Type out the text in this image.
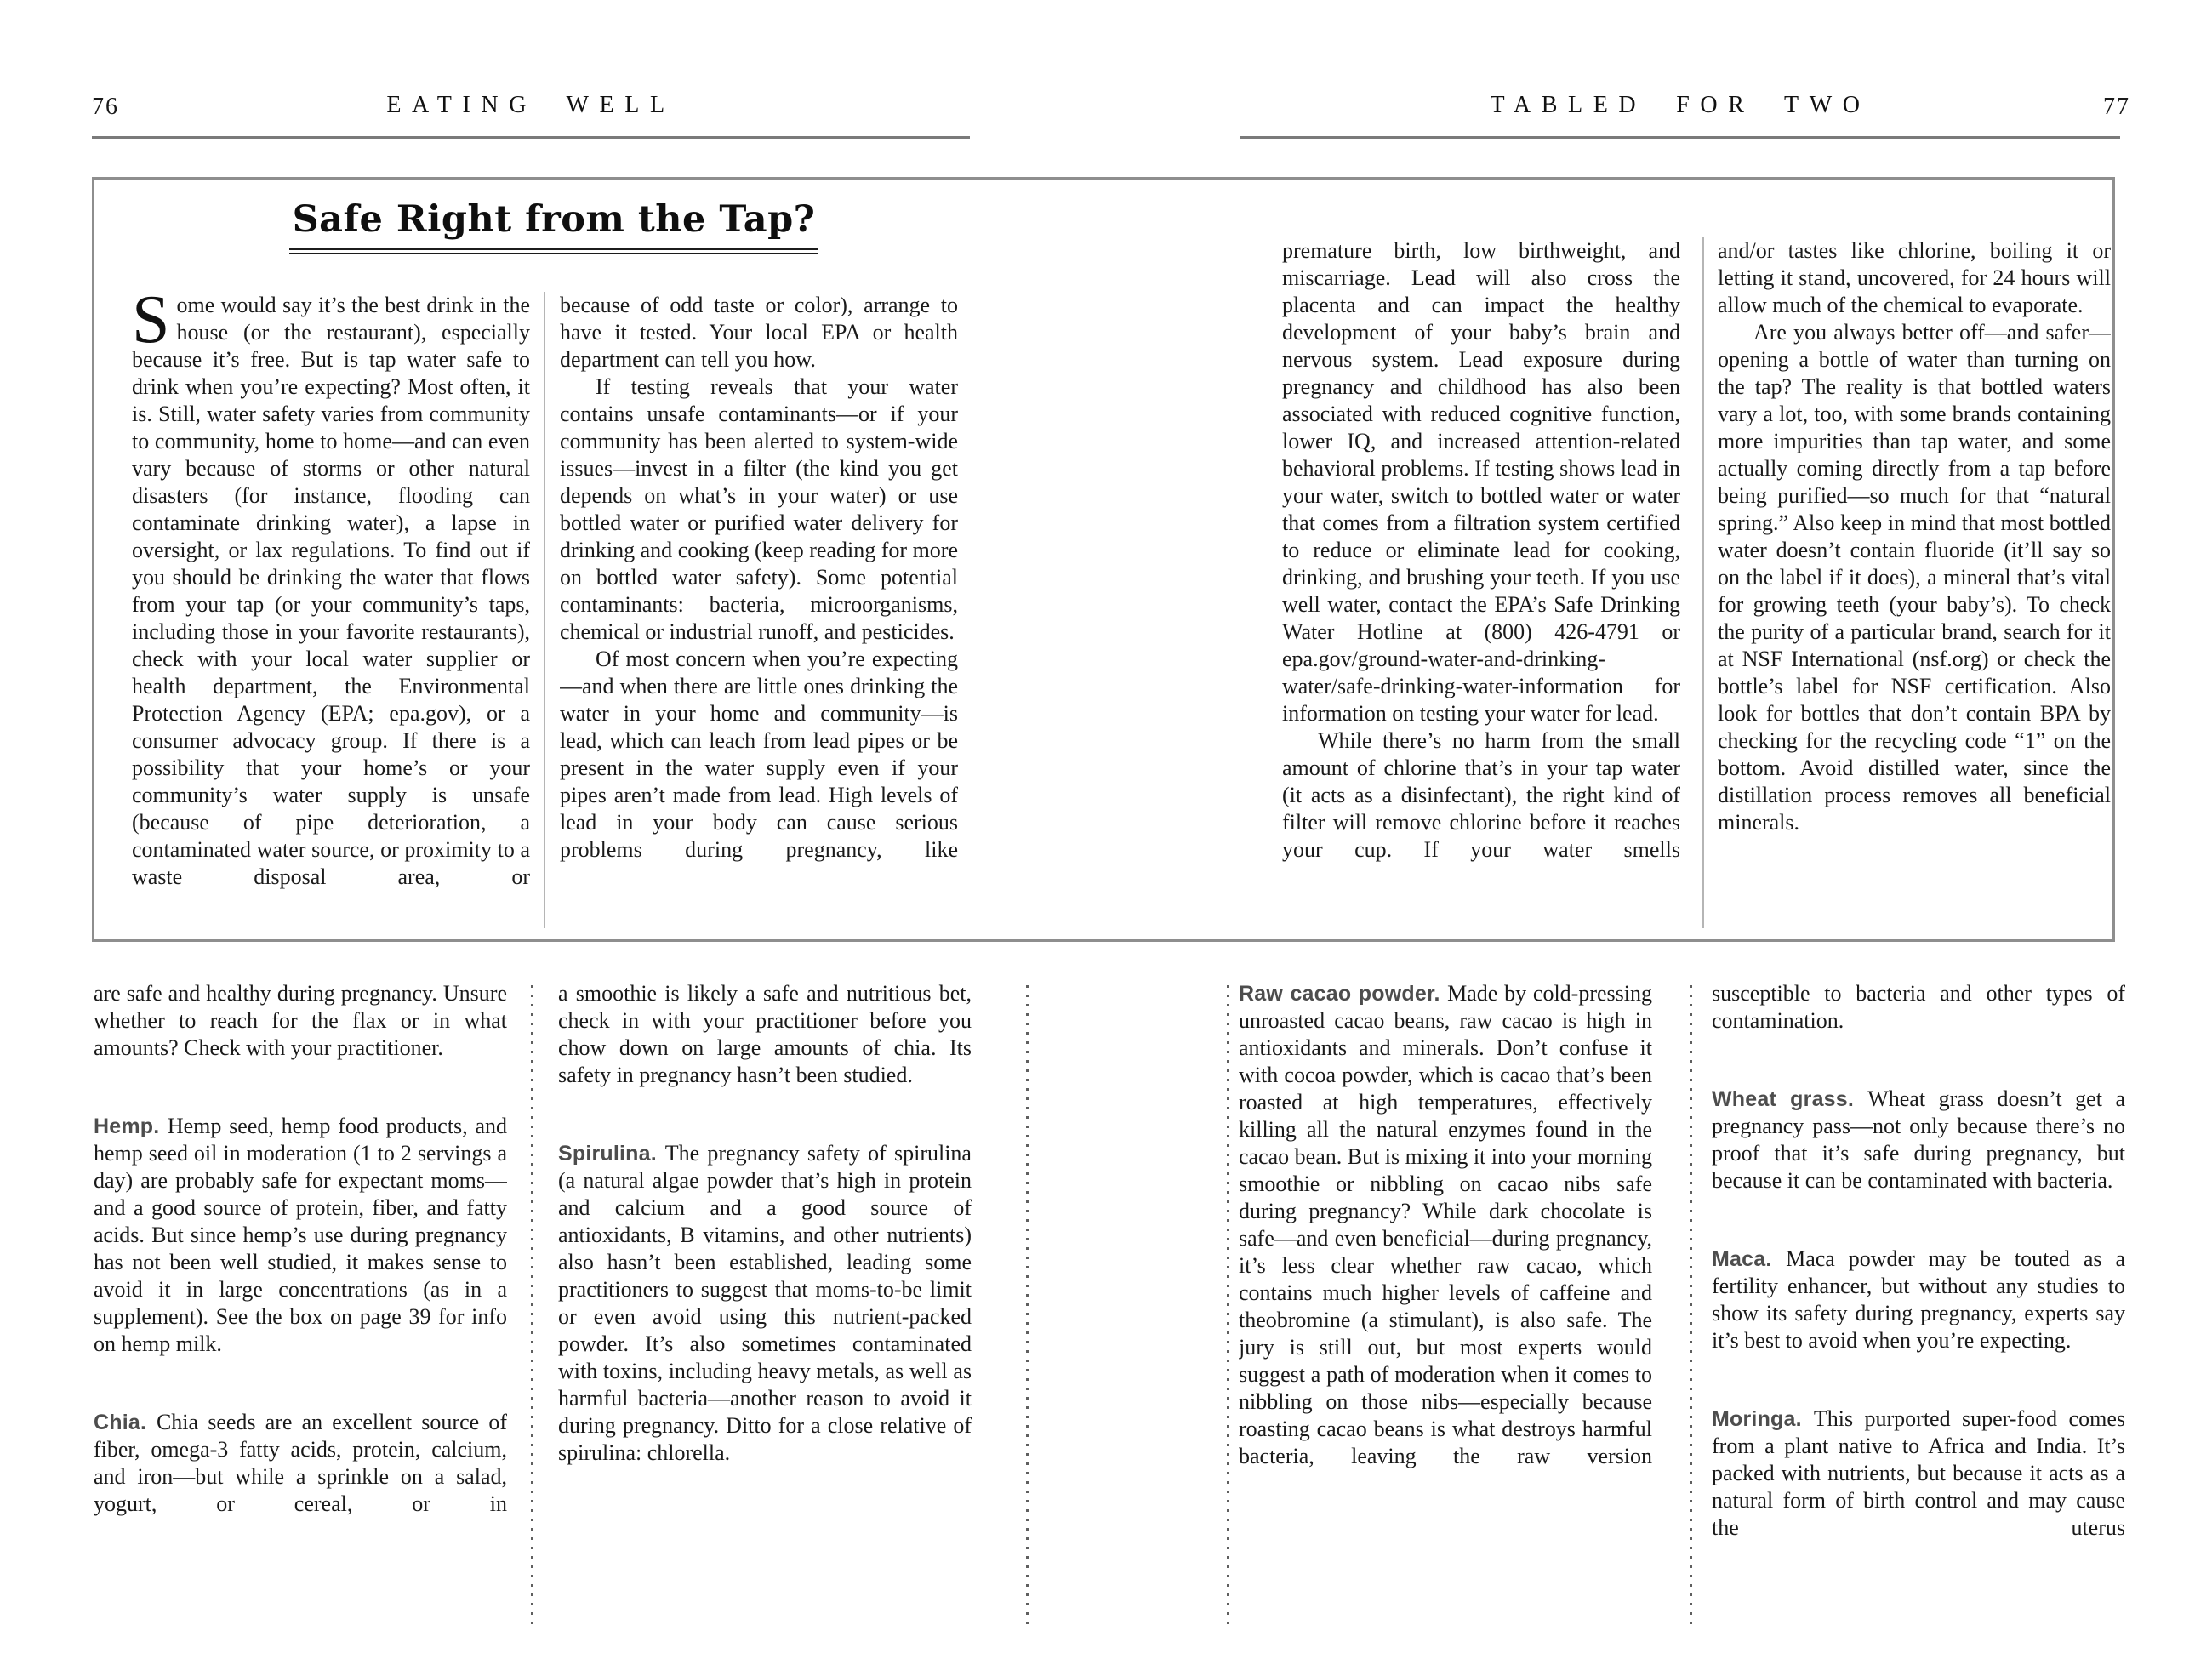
76	EATING WELL	TABLED FOR TWO	77
Safe Right from the Tap?

Some would say it’s the best drink in the house (or the restaurant), especially because it’s free. But is tap water safe to drink when you’re expecting? Most often, it is. Still, water safety varies from community to community, home to home—and can even vary because of storms or other natural disasters (for instance, flooding can contaminate drinking water), a lapse in oversight, or lax regulations. To find out if you should be drinking the water that flows from your tap (or your community’s taps, including those in your favorite restaurants), check with your local water supplier or health department, the Environmental Protection Agency (EPA; epa.gov), or a consumer advocacy group. If there is a possibility that your home’s or your community’s water supply is unsafe (because of pipe deterioration, a contaminated water source, or proximity to a waste disposal area, or

because of odd taste or color), arrange to have it tested. Your local EPA or health department can tell you how.

If testing reveals that your water contains unsafe contaminants—or if your community has been alerted to system-wide issues—invest in a filter (the kind you get depends on what’s in your water) or use bottled water or purified water delivery for drinking and cooking (keep reading for more on bottled water safety). Some potential contaminants: bacteria, microorganisms, chemical or industrial runoff, and pesticides.

Of most concern when you’re expecting—and when there are little ones drinking the water in your home and community—is lead, which can leach from lead pipes or be present in the water supply even if your pipes aren’t made from lead. High levels of lead in your body can cause serious problems during pregnancy, like

premature birth, low birthweight, and miscarriage. Lead will also cross the placenta and can impact the healthy development of your baby’s brain and nervous system. Lead exposure during pregnancy and childhood has also been associated with reduced cognitive function, lower IQ, and increased attention-related behavioral problems. If testing shows lead in your water, switch to bottled water or water that comes from a filtration system certified to reduce or eliminate lead for cooking, drinking, and brushing your teeth. If you use well water, contact the EPA’s Safe Drinking Water Hotline at (800) 426-4791 or epa.gov/ground-water-and-drinking-water/safe-drinking-water-information for information on testing your water for lead.

While there’s no harm from the small amount of chlorine that’s in your tap water (it acts as a disinfectant), the right kind of filter will remove chlorine before it reaches your cup. If your water smells

and/or tastes like chlorine, boiling it or letting it stand, uncovered, for 24 hours will allow much of the chemical to evaporate.

Are you always better off—and safer—opening a bottle of water than turning on the tap? The reality is that bottled waters vary a lot, too, with some brands containing more impurities than tap water, and some actually coming directly from a tap before being purified—so much for that “natural spring.” Also keep in mind that most bottled water doesn’t contain fluoride (it’ll say so on the label if it does), a mineral that’s vital for growing teeth (your baby’s). To check the purity of a particular brand, search for it at NSF International (nsf.org) or check the bottle’s label for NSF certification. Also look for bottles that don’t contain BPA by checking for the recycling code “1” on the bottom. Avoid distilled water, since the distillation process removes all beneficial minerals.

are safe and healthy during pregnancy. Unsure whether to reach for the flax or in what amounts? Check with your practitioner.

Hemp. Hemp seed, hemp food products, and hemp seed oil in moderation (1 to 2 servings a day) are probably safe for expectant moms—and a good source of protein, fiber, and fatty acids. But since hemp’s use during pregnancy has not been well studied, it makes sense to avoid it in large concentrations (as in a supplement). See the box on page 39 for info on hemp milk.

Chia. Chia seeds are an excellent source of fiber, omega-3 fatty acids, protein, calcium, and iron—but while a sprinkle on a salad, yogurt, or cereal, or in

a smoothie is likely a safe and nutritious bet, check in with your practitioner before you chow down on large amounts of chia. Its safety in pregnancy hasn’t been studied.

Spirulina. The pregnancy safety of spirulina (a natural algae powder that’s high in protein and calcium and a good source of antioxidants, B vitamins, and other nutrients) also hasn’t been established, leading some practitioners to suggest that moms-to-be limit or even avoid using this nutrient-packed powder. It’s also sometimes contaminated with toxins, including heavy metals, as well as harmful bacteria—another reason to avoid it during pregnancy. Ditto for a close relative of spirulina: chlorella.

Raw cacao powder. Made by cold-pressing unroasted cacao beans, raw cacao is high in antioxidants and minerals. Don’t confuse it with cocoa powder, which is cacao that’s been roasted at high temperatures, effectively killing all the natural enzymes found in the cacao bean. But is mixing it into your morning smoothie or nibbling on cacao nibs safe during pregnancy? While dark chocolate is safe—and even beneficial—during pregnancy, it’s less clear whether raw cacao, which contains much higher levels of caffeine and theobromine (a stimulant), is also safe. The jury is still out, but most experts would suggest a path of moderation when it comes to nibbling on those nibs—especially because roasting cacao beans is what destroys harmful bacteria, leaving the raw version

susceptible to bacteria and other types of contamination.

Wheat grass. Wheat grass doesn’t get a pregnancy pass—not only because there’s no proof that it’s safe during pregnancy, but because it can be contaminated with bacteria.

Maca. Maca powder may be touted as a fertility enhancer, but without any studies to show its safety during pregnancy, experts say it’s best to avoid when you’re expecting.

Moringa. This purported super-food comes from a plant native to Africa and India. It’s packed with nutrients, but because it acts as a natural form of birth control and may cause the uterus
